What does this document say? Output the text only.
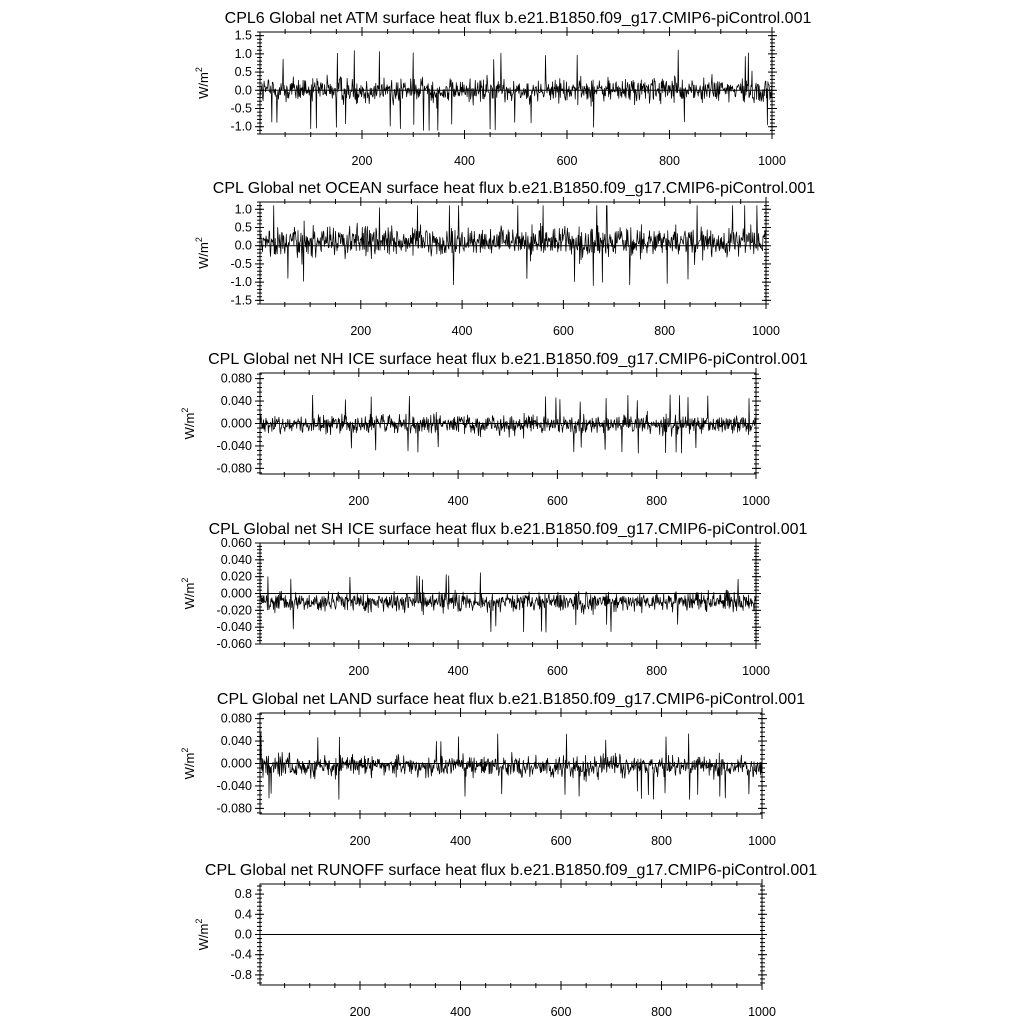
CPL6 Global net ATM surface heat flux b.e21.B1850.f09_g17.CMIP6-piControl.001
-1.0
-0.5
0.0
0.5
1.0
1.5
200	400	600	800	1000
$W/m^2$
CPL Global net OCEAN surface heat flux b.e21.B1850.f09_g17.CMIP6-piControl.001
-1.5
-1.0
-0.5
0.0
0.5
1.0
200	400	600	800	1000
$W/m^2$
CPL Global net NH ICE surface heat flux b.e21.B1850.f09_g17.CMIP6-piControl.001
-0.080
-0.040
0.000
0.040
0.080
200	400	600	800	1000
$W/m^2$
CPL Global net SH ICE surface heat flux b.e21.B1850.f09_g17.CMIP6-piControl.001
-0.060
-0.040
-0.020
0.000
0.020
0.040
0.060
200	400	600	800	1000
$W/m^2$
CPL Global net LAND surface heat flux b.e21.B1850.f09_g17.CMIP6-piControl.001
-0.080
-0.040
0.000
0.040
0.080
200	400	600	800	1000
$W/m^2$
CPL Global net RUNOFF surface heat flux b.e21.B1850.f09_g17.CMIP6-piControl.001
-0.8
-0.4
0.0
0.4
0.8
200	400	600	800	1000
$W/m^2$
